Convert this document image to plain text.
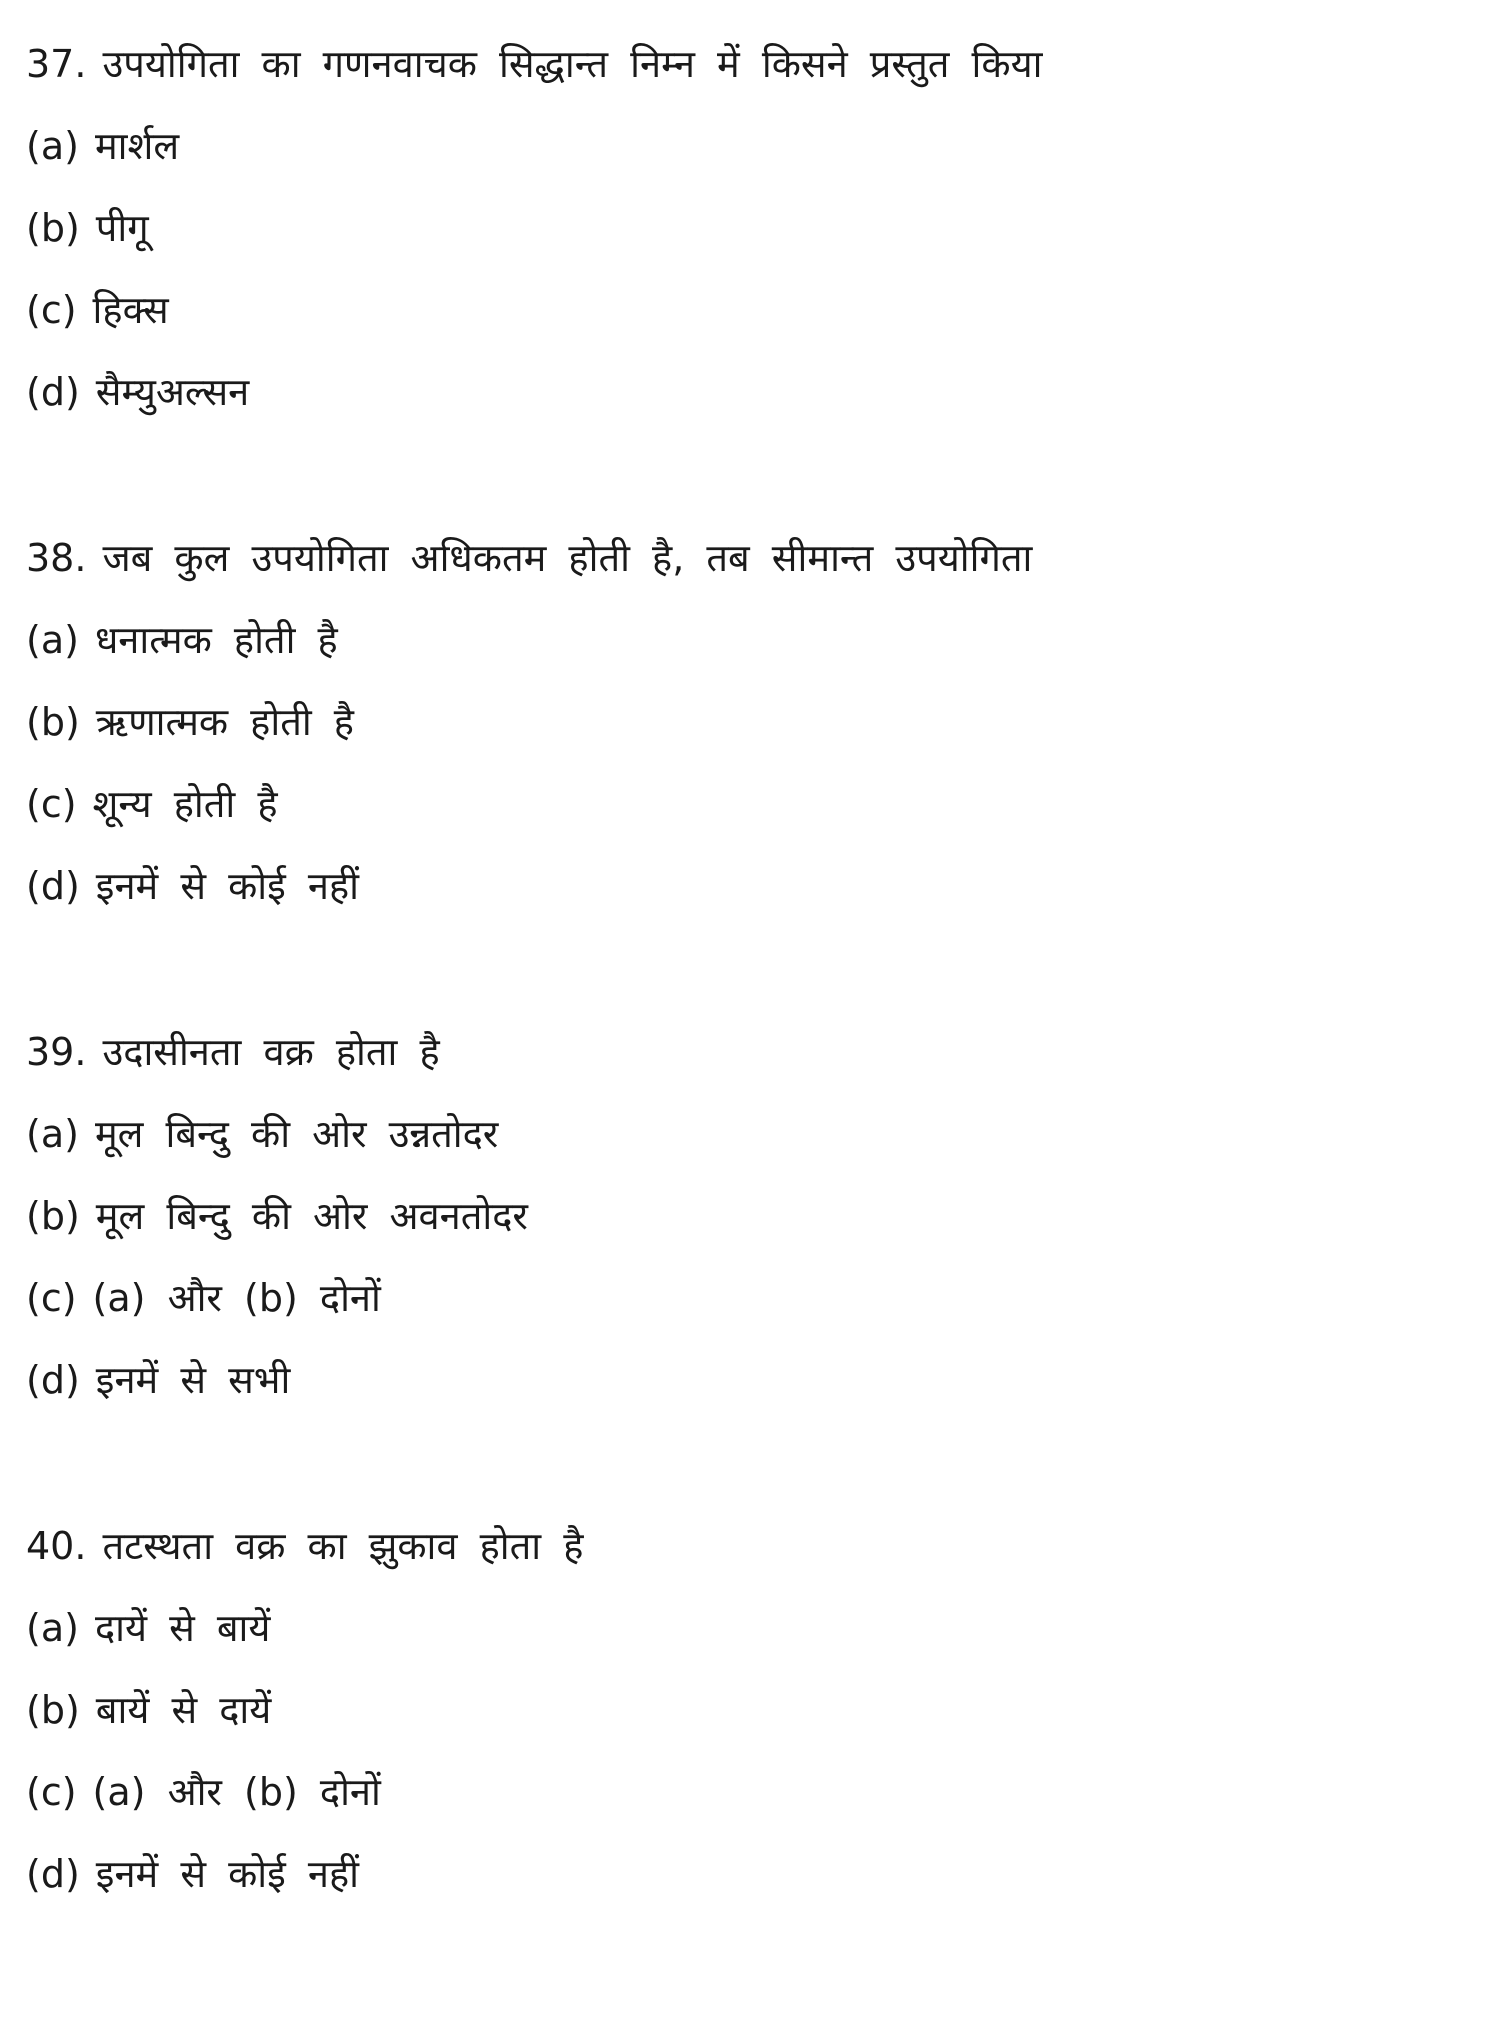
37. उपयोगिता का गणनवाचक सिद्धान्त निम्न में किसने प्रस्तुत किया
(a) मार्शल
(b) पीगू
(c) हिक्स
(d) सैम्युअल्सन
38. जब कुल उपयोगिता अधिकतम होती है, तब सीमान्त उपयोगिता
(a) धनात्मक होती है
(b) ऋणात्मक होती है
(c) शून्य होती है
(d) इनमें से कोई नहीं
39. उदासीनता वक्र होता है
(a) मूल बिन्दु की ओर उन्नतोदर
(b) मूल बिन्दु की ओर अवनतोदर
(c) (a) और (b) दोनों
(d) इनमें से सभी
40. तटस्थता वक्र का झुकाव होता है
(a) दायें से बायें
(b) बायें से दायें
(c) (a) और (b) दोनों
(d) इनमें से कोई नहीं
